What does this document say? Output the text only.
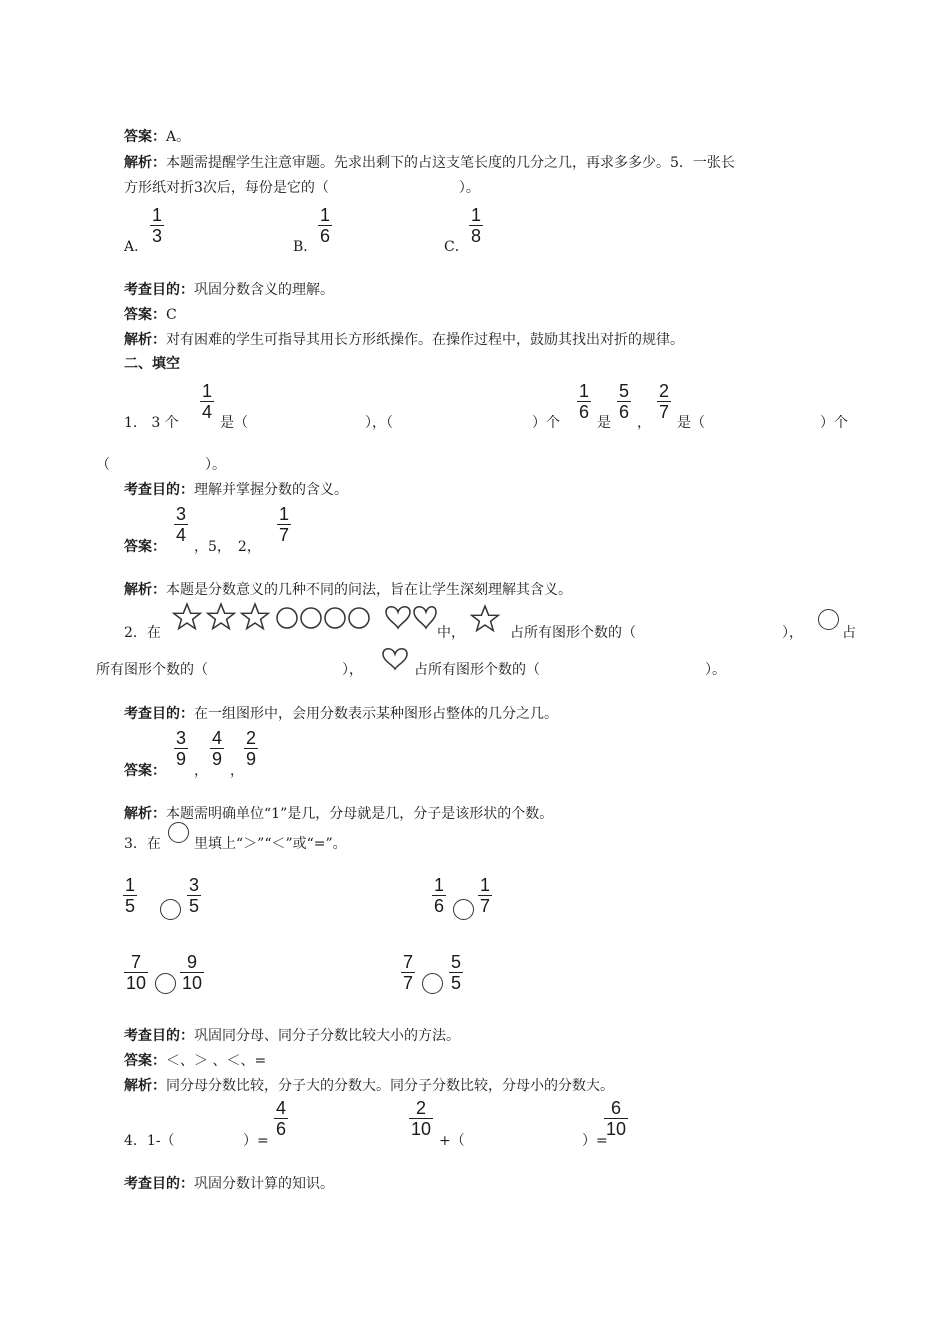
答案：A。
解析：本题需提醒学生注意审题。先求出剩下的占这支笔长度的几分之几，再求多多少。5．一张长
方形纸对折3次后，每份是它的（	）。
A．
$\frac{1}{3}$
B．
$\frac{1}{6}$
C．
$\frac{1}{8}$
考查目的：巩固分数含义的理解。
答案：C
解析：对有困难的学生可指导其用长方形纸操作。在操作过程中，鼓励其找出对折的规律。
二、填空
1． 3 个
$\frac{1}{4}$
是（	），（	）个
$\frac{1}{6}$
是
$\frac{5}{6}$
，
$\frac{2}{7}$
是（	）个
（	）。
考查目的：理解并掌握分数的含义。
答案：
$\frac{3}{4}$
，5，　2，
$\frac{1}{7}$
解析：本题是分数意义的几种不同的问法，旨在让学生深刻理解其含义。
2．在	中，	占所有图形个数的（	），	占
所有图形个数的（	），	占所有图形个数的（	）。
考查目的：在一组图形中，会用分数表示某种图形占整体的几分之几。
答案：
$\frac{3}{9}$
，
$\frac{4}{9}$
，
$\frac{2}{9}$
解析：本题需明确单位“1”是几，分母就是几，分子是该形状的个数。
3．在 里填上“＞”“＜”或“=”。
$\frac{1}{5}$	$\frac{3}{5}$	$\frac{1}{6} \frac{1}{7}$
$\frac{7}{10} \frac{9}{10}$	$\frac{7}{7} \frac{5}{5}$
考查目的：巩固同分母、同分子分数比较大小的方法。
答案：＜、＞ 、＜、=
解析：同分母分数比较，分子大的分数大。同分子分数比较，分母小的分数大。
4．1-（	）=
$\frac{4}{6}$	$\frac{2}{10}$
+（	）=
$\frac{6}{10}$
考查目的：巩固分数计算的知识。
